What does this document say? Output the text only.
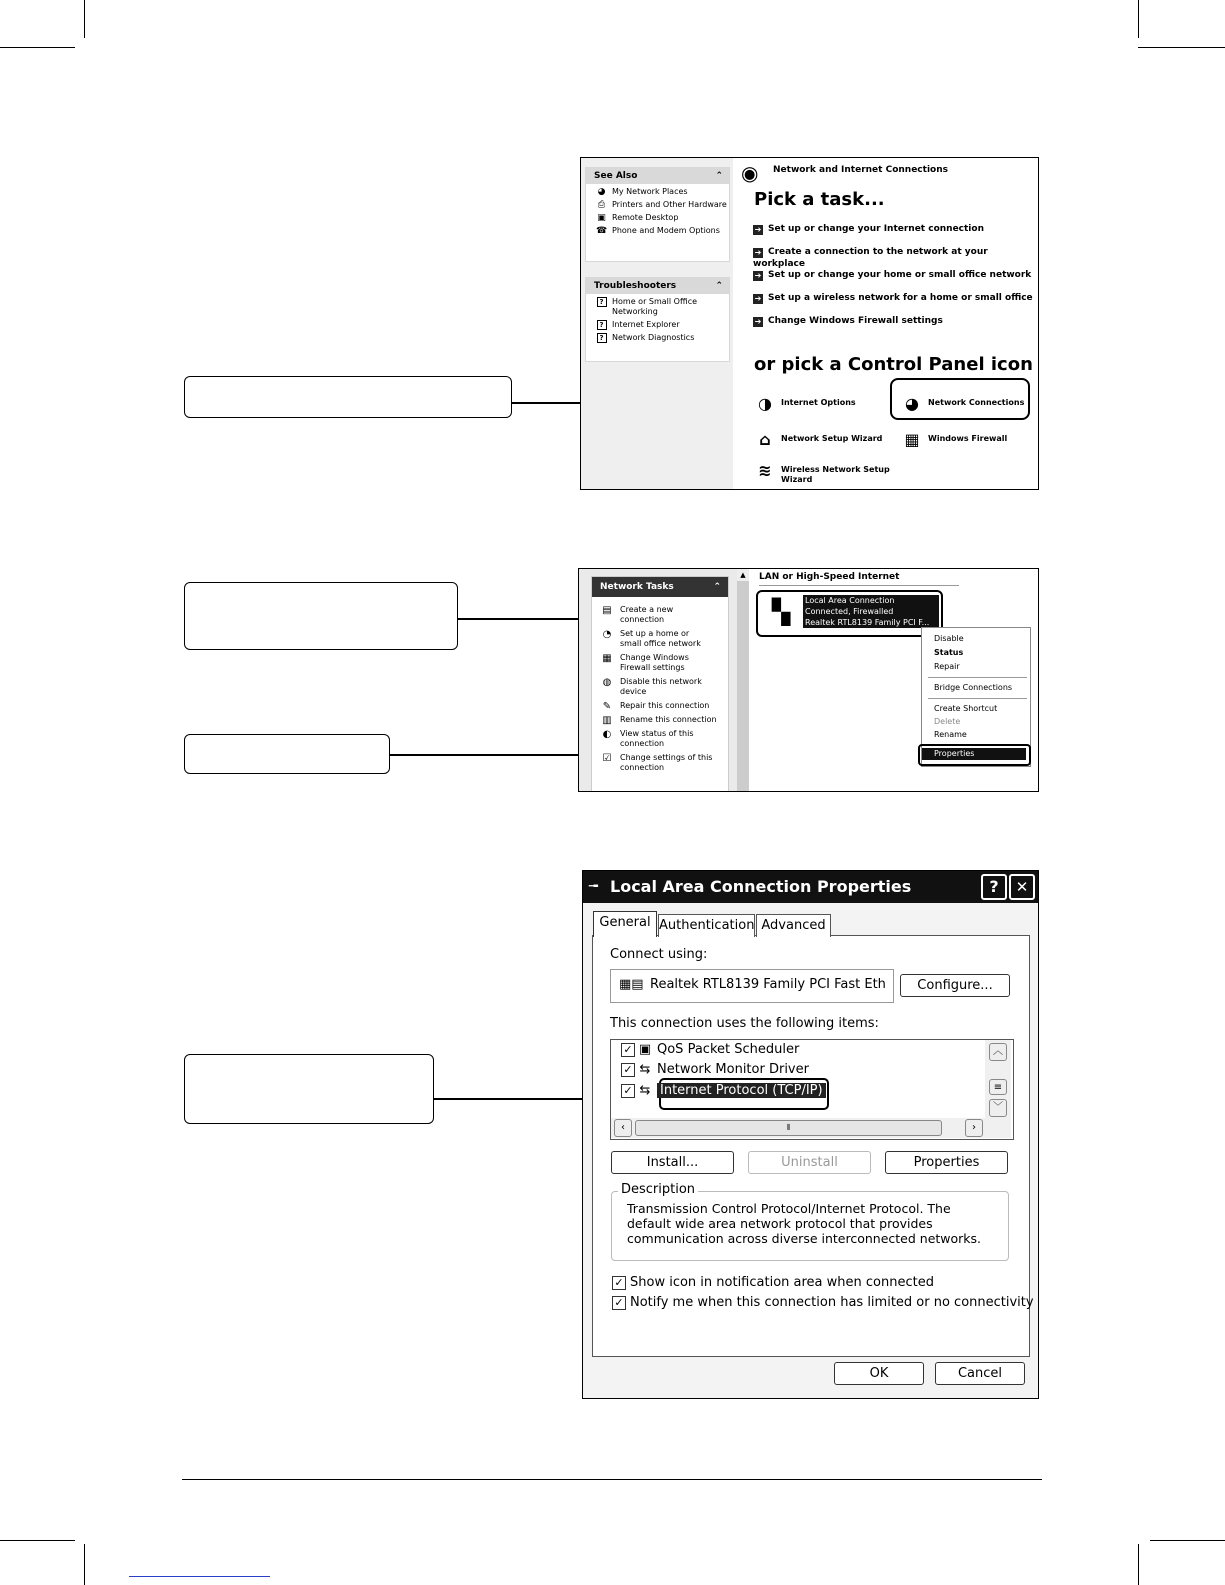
See Also	⌃
◕ My Network Places
⎙ Printers and Other Hardware
▣ Remote Desktop
☎ Phone and Modem Options
Troubleshooters	⌃
?	Home or Small Office Networking
?	Internet Explorer
?	Network Diagnostics
◉ Network and Internet Connections
Pick a task...
➔ Set up or change your Internet connection
➔ Create a connection to the network at your workplace
➔ Set up or change your home or small office network
➔ Set up a wireless network for a home or small office
➔ Change Windows Firewall settings
or pick a Control Panel icon
◑	Internet Options	◕	Network Connections
⌂	Network Setup Wizard ▦	Windows Firewall
≋	Wireless Network Setup Wizard
Network Tasks	⌃
▤ Create a new connection
◔ Set up a home or small office network
▦ Change Windows Firewall settings
◍ Disable this network device
✎ Repair this connection
▥ Rename this connection
◐ View status of this connection
☑ Change settings of this connection
▲	LAN or High-Speed Internet
▚	Local Area Connection
Connected, Firewalled
Realtek RTL8139 Family PCI F...
Disable
Status
Repair
Bridge Connections
Create Shortcut
Delete
Rename
Properties
╼ Local Area Connection Properties	?	✕
General Authentication Advanced
Connect using:
▦▤ Realtek RTL8139 Family PCI Fast Eth	Configure...
This connection uses the following items:
✓ ▣ QoS Packet Scheduler
✓ ⇆ Network Monitor Driver
✓ ⇆ Internet Protocol (TCP/IP)
︿
≡
﹀
‹	⦀	›
Install...	Uninstall	Properties
Description
Transmission Control Protocol/Internet Protocol. The default wide area network protocol that provides communication across diverse interconnected networks.
✓ Show icon in notification area when connected
✓ Notify me when this connection has limited or no connectivity
OK	Cancel
